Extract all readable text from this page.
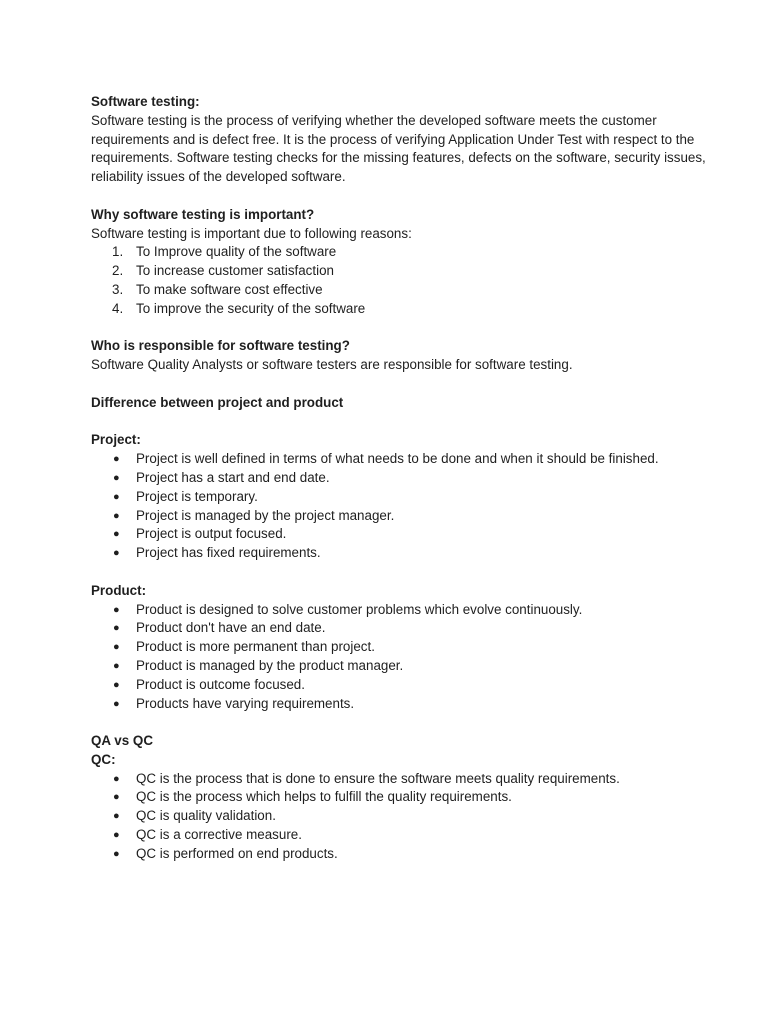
Software testing:

Software testing is the process of verifying whether the developed software meets the customer requirements and is defect free. It is the process of verifying Application Under Test with respect to the requirements. Software testing checks for the missing features, defects on the software, security issues, reliability issues of the developed software.

Why software testing is important?

Software testing is important due to following reasons:

1. To Improve quality of the software
2. To increase customer satisfaction
3. To make software cost effective
4. To improve the security of the software

Who is responsible for software testing?

Software Quality Analysts or software testers are responsible for software testing.

Difference between project and product

Project:

●	Project is well defined in terms of what needs to be done and when it should be finished.
●	Project has a start and end date.
●	Project is temporary.
●	Project is managed by the project manager.
●	Project is output focused.
●	Project has fixed requirements.

Product:

●	Product is designed to solve customer problems which evolve continuously.
●	Product don't have an end date.
●	Product is more permanent than project.
●	Product is managed by the product manager.
●	Product is outcome focused.
●	Products have varying requirements.

QA vs QC

QC:

●	QC is the process that is done to ensure the software meets quality requirements.
●	QC is the process which helps to fulfill the quality requirements.
●	QC is quality validation.
●	QC is a corrective measure.
●	QC is performed on end products.
